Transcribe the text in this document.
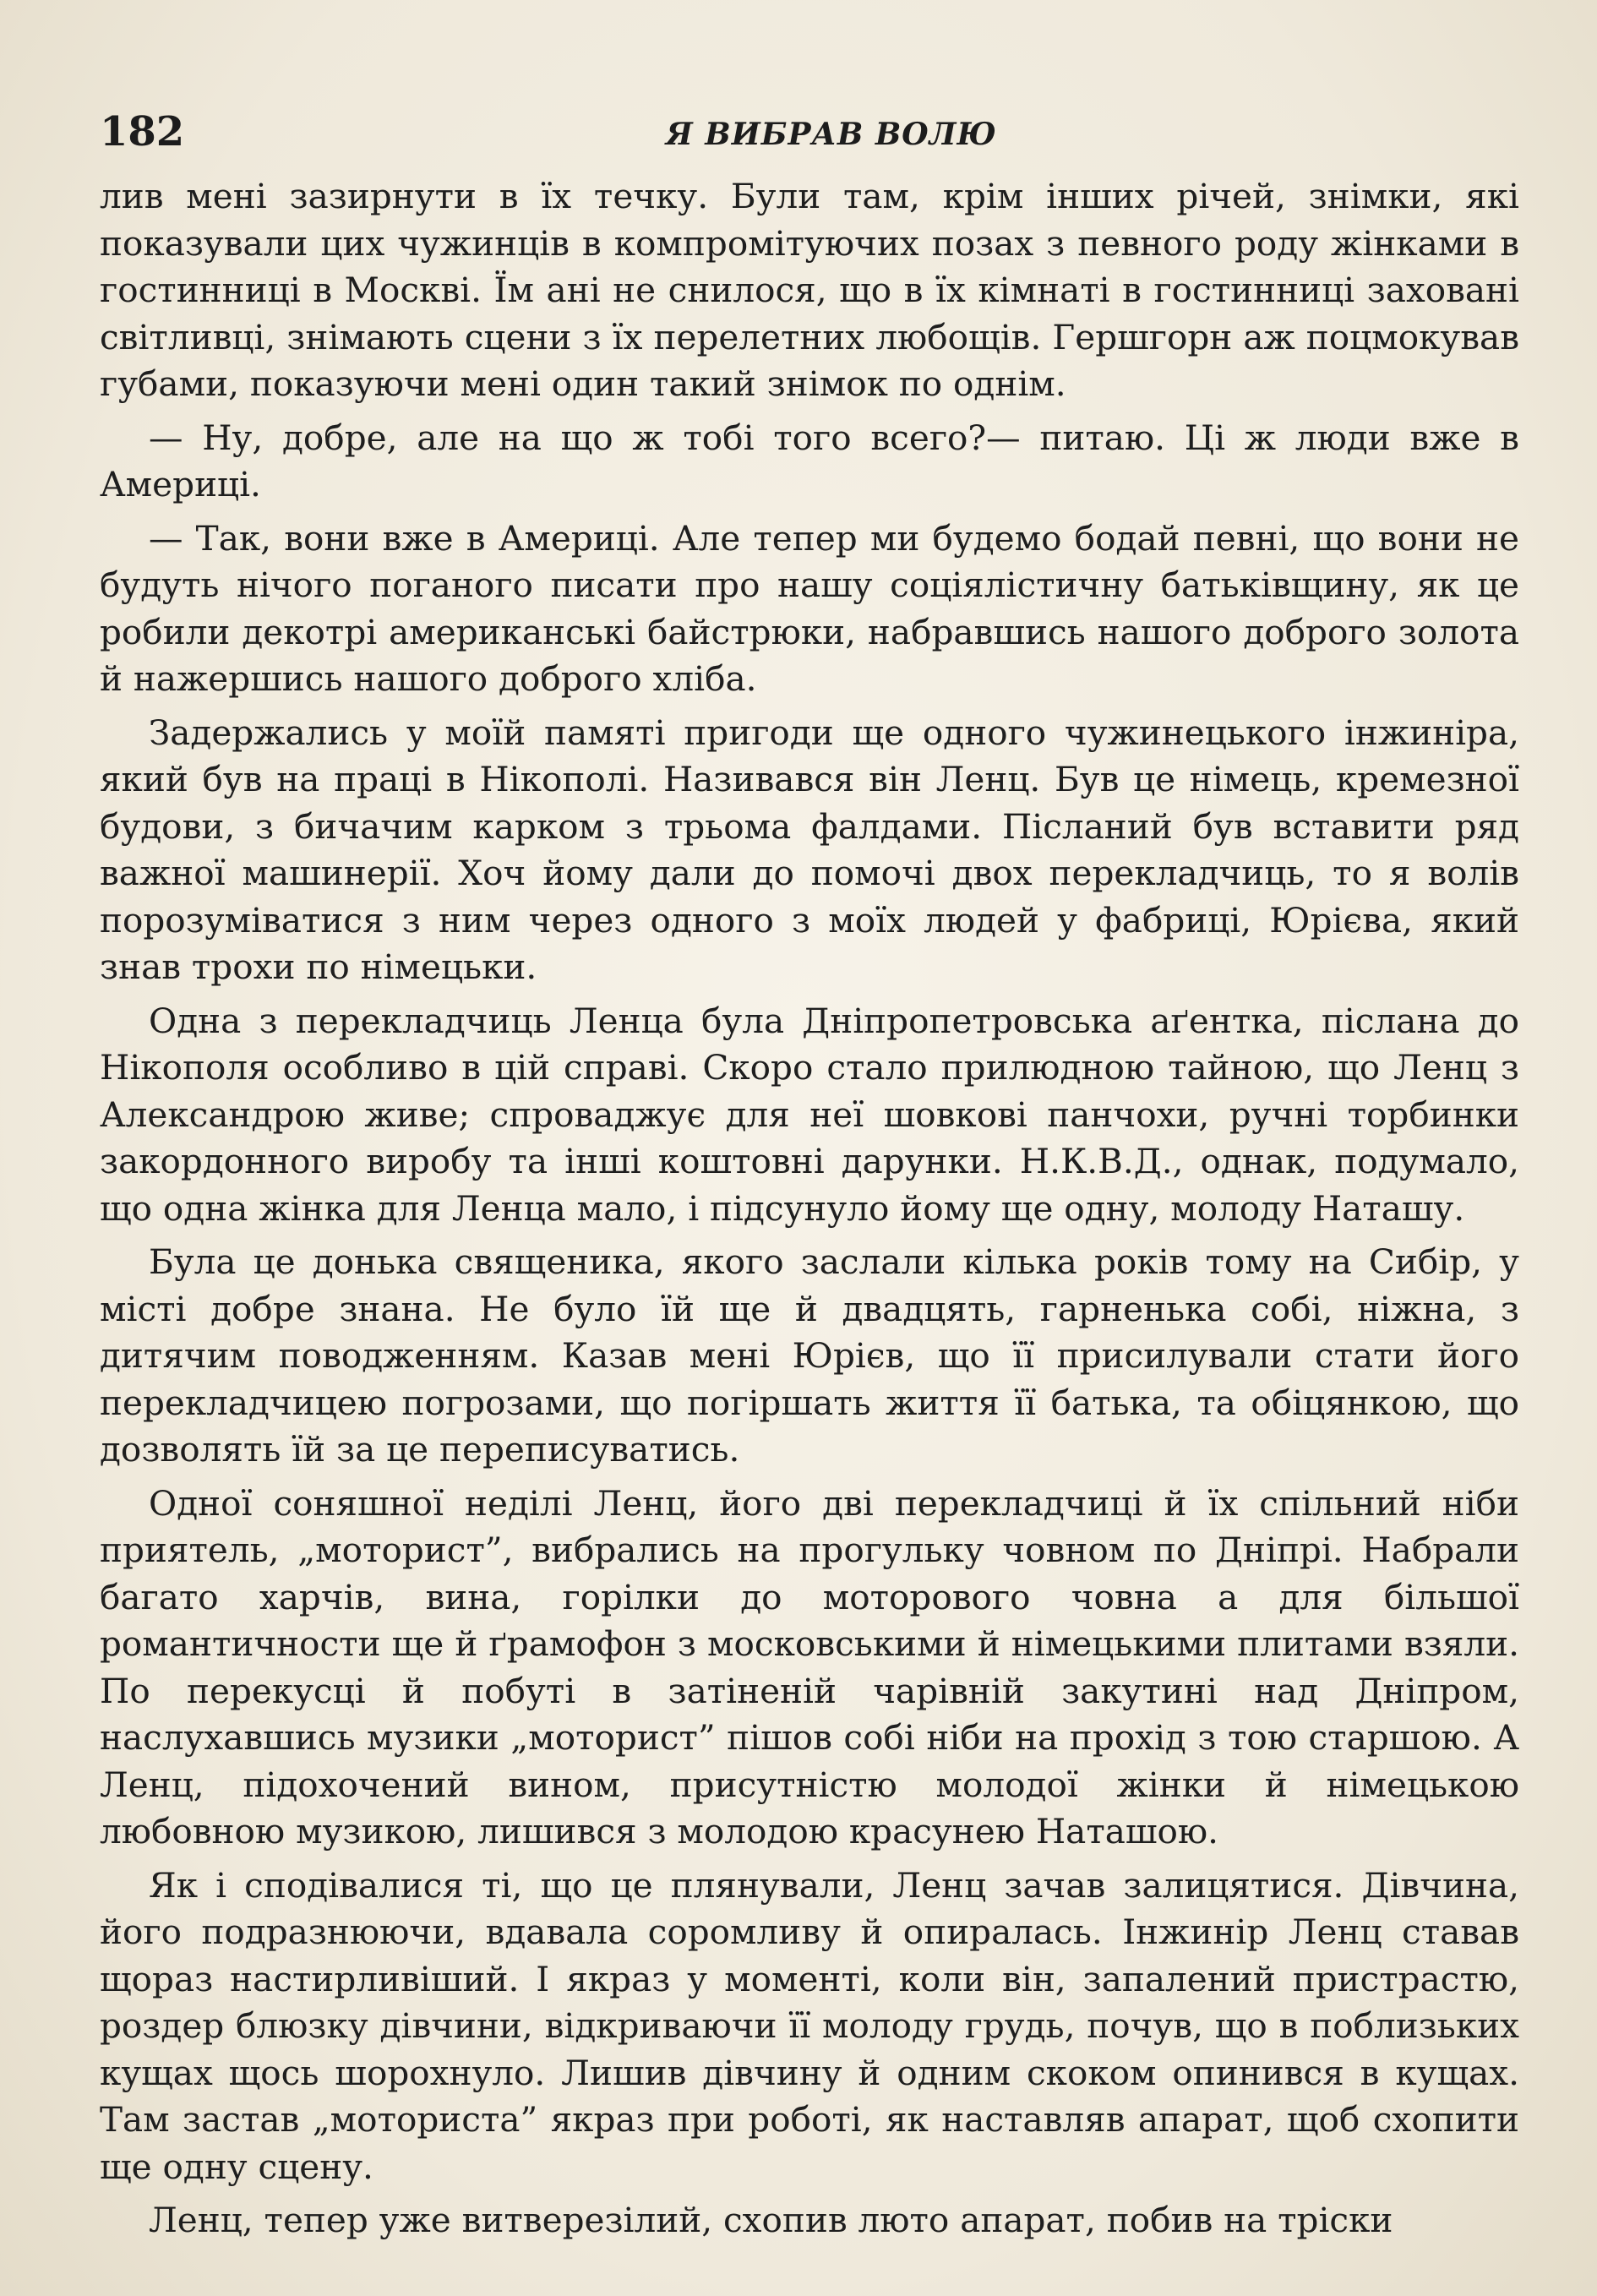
182	Я ВИБРАВ ВОЛЮ

лив мені зазирнути в їх течку. Були там, крім інших річей, знімки, які показували цих чужинців в компромітуючих позах з певного роду жінками в гостинниці в Москві. Їм ані не снилося, що в їх кімнаті в гостинниці заховані світливці, знімають сцени з їх перелетних любощів. Гершгорн аж поцмокував губами, показуючи мені один такий знімок по однім.

— Ну, добре, але на що ж тобі того всего?— питаю. Ці ж люди вже в Америці.

— Так, вони вже в Америці. Але тепер ми будемо бодай певні, що вони не будуть нічого поганого писати про нашу соціялістичну батьківщину, як це робили декотрі американські байстрюки, набравшись нашого доброго золота й нажершись нашого доброго хліба.

Задержались у моїй памяті пригоди ще одного чужинецького інжиніра, який був на праці в Нікополі. Називався він Ленц. Був це німець, кремезної будови, з бичачим карком з трьома фалдами. Післаний був вставити ряд важної машинерії. Хоч йому дали до помочі двох перекладчиць, то я волів порозуміватися з ним через одного з моїх людей у фабриці, Юрієва, який знав трохи по німецьки.

Одна з перекладчиць Ленца була Дніпропетровська аґентка, післана до Нікополя особливо в цій справі. Скоро стало прилюдною тайною, що Ленц з Александрою живе; спроваджує для неї шовкові панчохи, ручні торбинки закордонного виробу та інші коштовні дарунки. Н.К.В.Д., однак, подумало, що одна жінка для Ленца мало, і підсунуло йому ще одну, молоду Наташу.

Була це донька священика, якого заслали кілька років тому на Сибір, у місті добре знана. Не було їй ще й двадцять, гарненька собі, ніжна, з дитячим поводженням. Казав мені Юрієв, що її присилували стати його перекладчицею погрозами, що погіршать життя її батька, та обіцянкою, що дозволять їй за це переписуватись.

Одної соняшної неділі Ленц, його дві перекладчиці й їх спільний ніби приятель, „моторист”, вибрались на прогульку човном по Дніпрі. Набрали багато харчів, вина, горілки до моторового човна а для більшої романтичности ще й ґрамофон з московськими й німецькими плитами взяли. По перекусці й побуті в затіненій чарівній закутині над Дніпром, наслухавшись музики „моторист” пішов собі ніби на прохід з тою старшою. А Ленц, підохочений вином, присутністю молодої жінки й німецькою любовною музикою, лишився з молодою красунею Наташою.

Як і сподівалися ті, що це плянували, Ленц зачав залицятися. Дівчина, його подразнюючи, вдавала соромливу й опиралась. Інжинір Ленц ставав щораз настирливіший. І якраз у моменті, коли він, запалений пристрастю, роздер блюзку дівчини, відкриваючи її молоду грудь, почув, що в поблизьких кущах щось шорохнуло. Лишив дівчину й одним скоком опинився в кущах. Там застав „моториста” якраз при роботі, як наставляв апарат, щоб схопити ще одну сцену.

Ленц, тепер уже витверезілий, схопив люто апарат, побив на тріски
